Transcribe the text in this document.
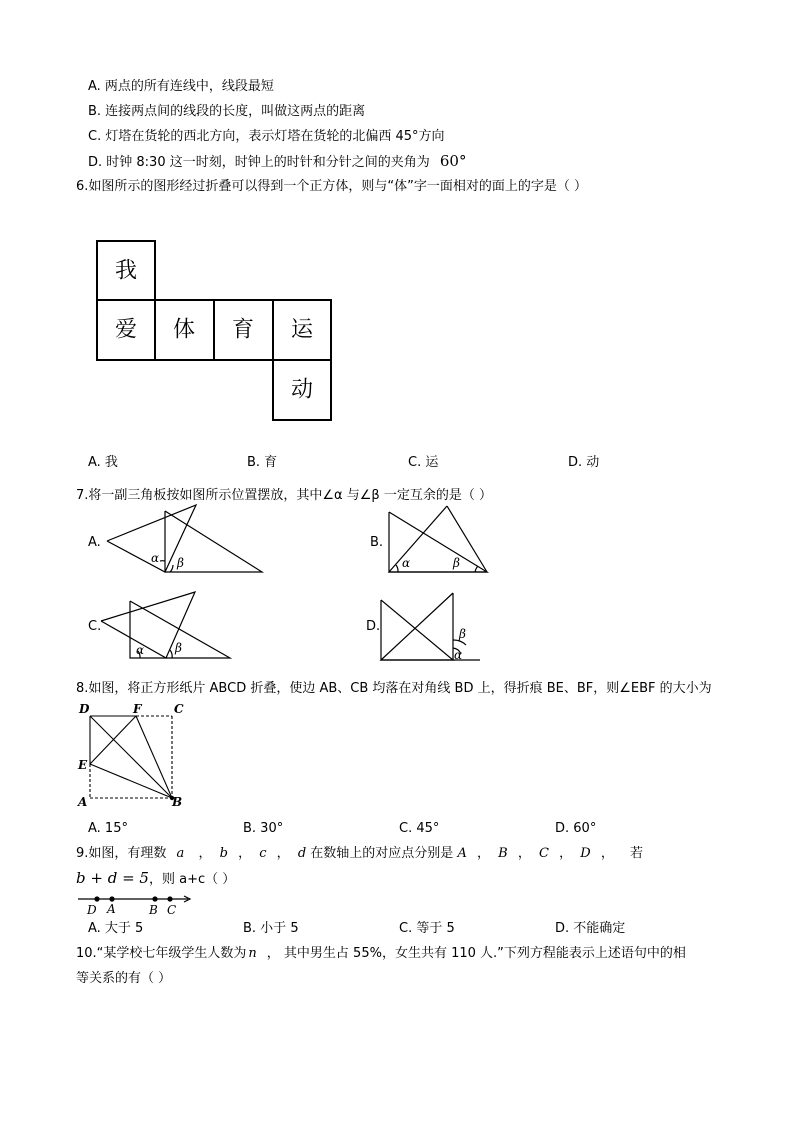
A. 两点的所有连线中，线段最短
B. 连接两点间的线段的长度，叫做这两点的距离
C. 灯塔在货轮的西北方向，表示灯塔在货轮的北偏西 45°方向
D. 时钟 8:30 这一时刻，时钟上的时针和分针之间的夹角为 60°
6.如图所示的图形经过折叠可以得到一个正方体，则与“体”字一面相对的面上的字是（ ）
我
爱 体 育 运
动
A. 我	B. 育	C. 运	D. 动
7.将一副三角板按如图所示位置摆放，其中∠α 与∠β 一定互余的是（ ）
A.	B.
C.	D.
α β	α	β
α	β
β
α
8.如图，将正方形纸片 ABCD 折叠，使边 AB、CB 均落在对角线 BD 上，得折痕 BE、BF，则∠EBF 的大小为
D	F	C
E
A	B
A. 15°	B. 30°	C. 45°	D. 60°
9.如图，有理数 a ， b ， c ， d 在数轴上的对应点分别是 A ， B ， C ， D ， 若
b + d = 5，则 a+c（ ）
D A	B C
A. 大于 5	B. 小于 5	C. 等于 5	D. 不能确定
10.“某学校七年级学生人数为 n ， 其中男生占 55%，女生共有 110 人.”下列方程能表示上述语句中的相
等关系的有（ ）
